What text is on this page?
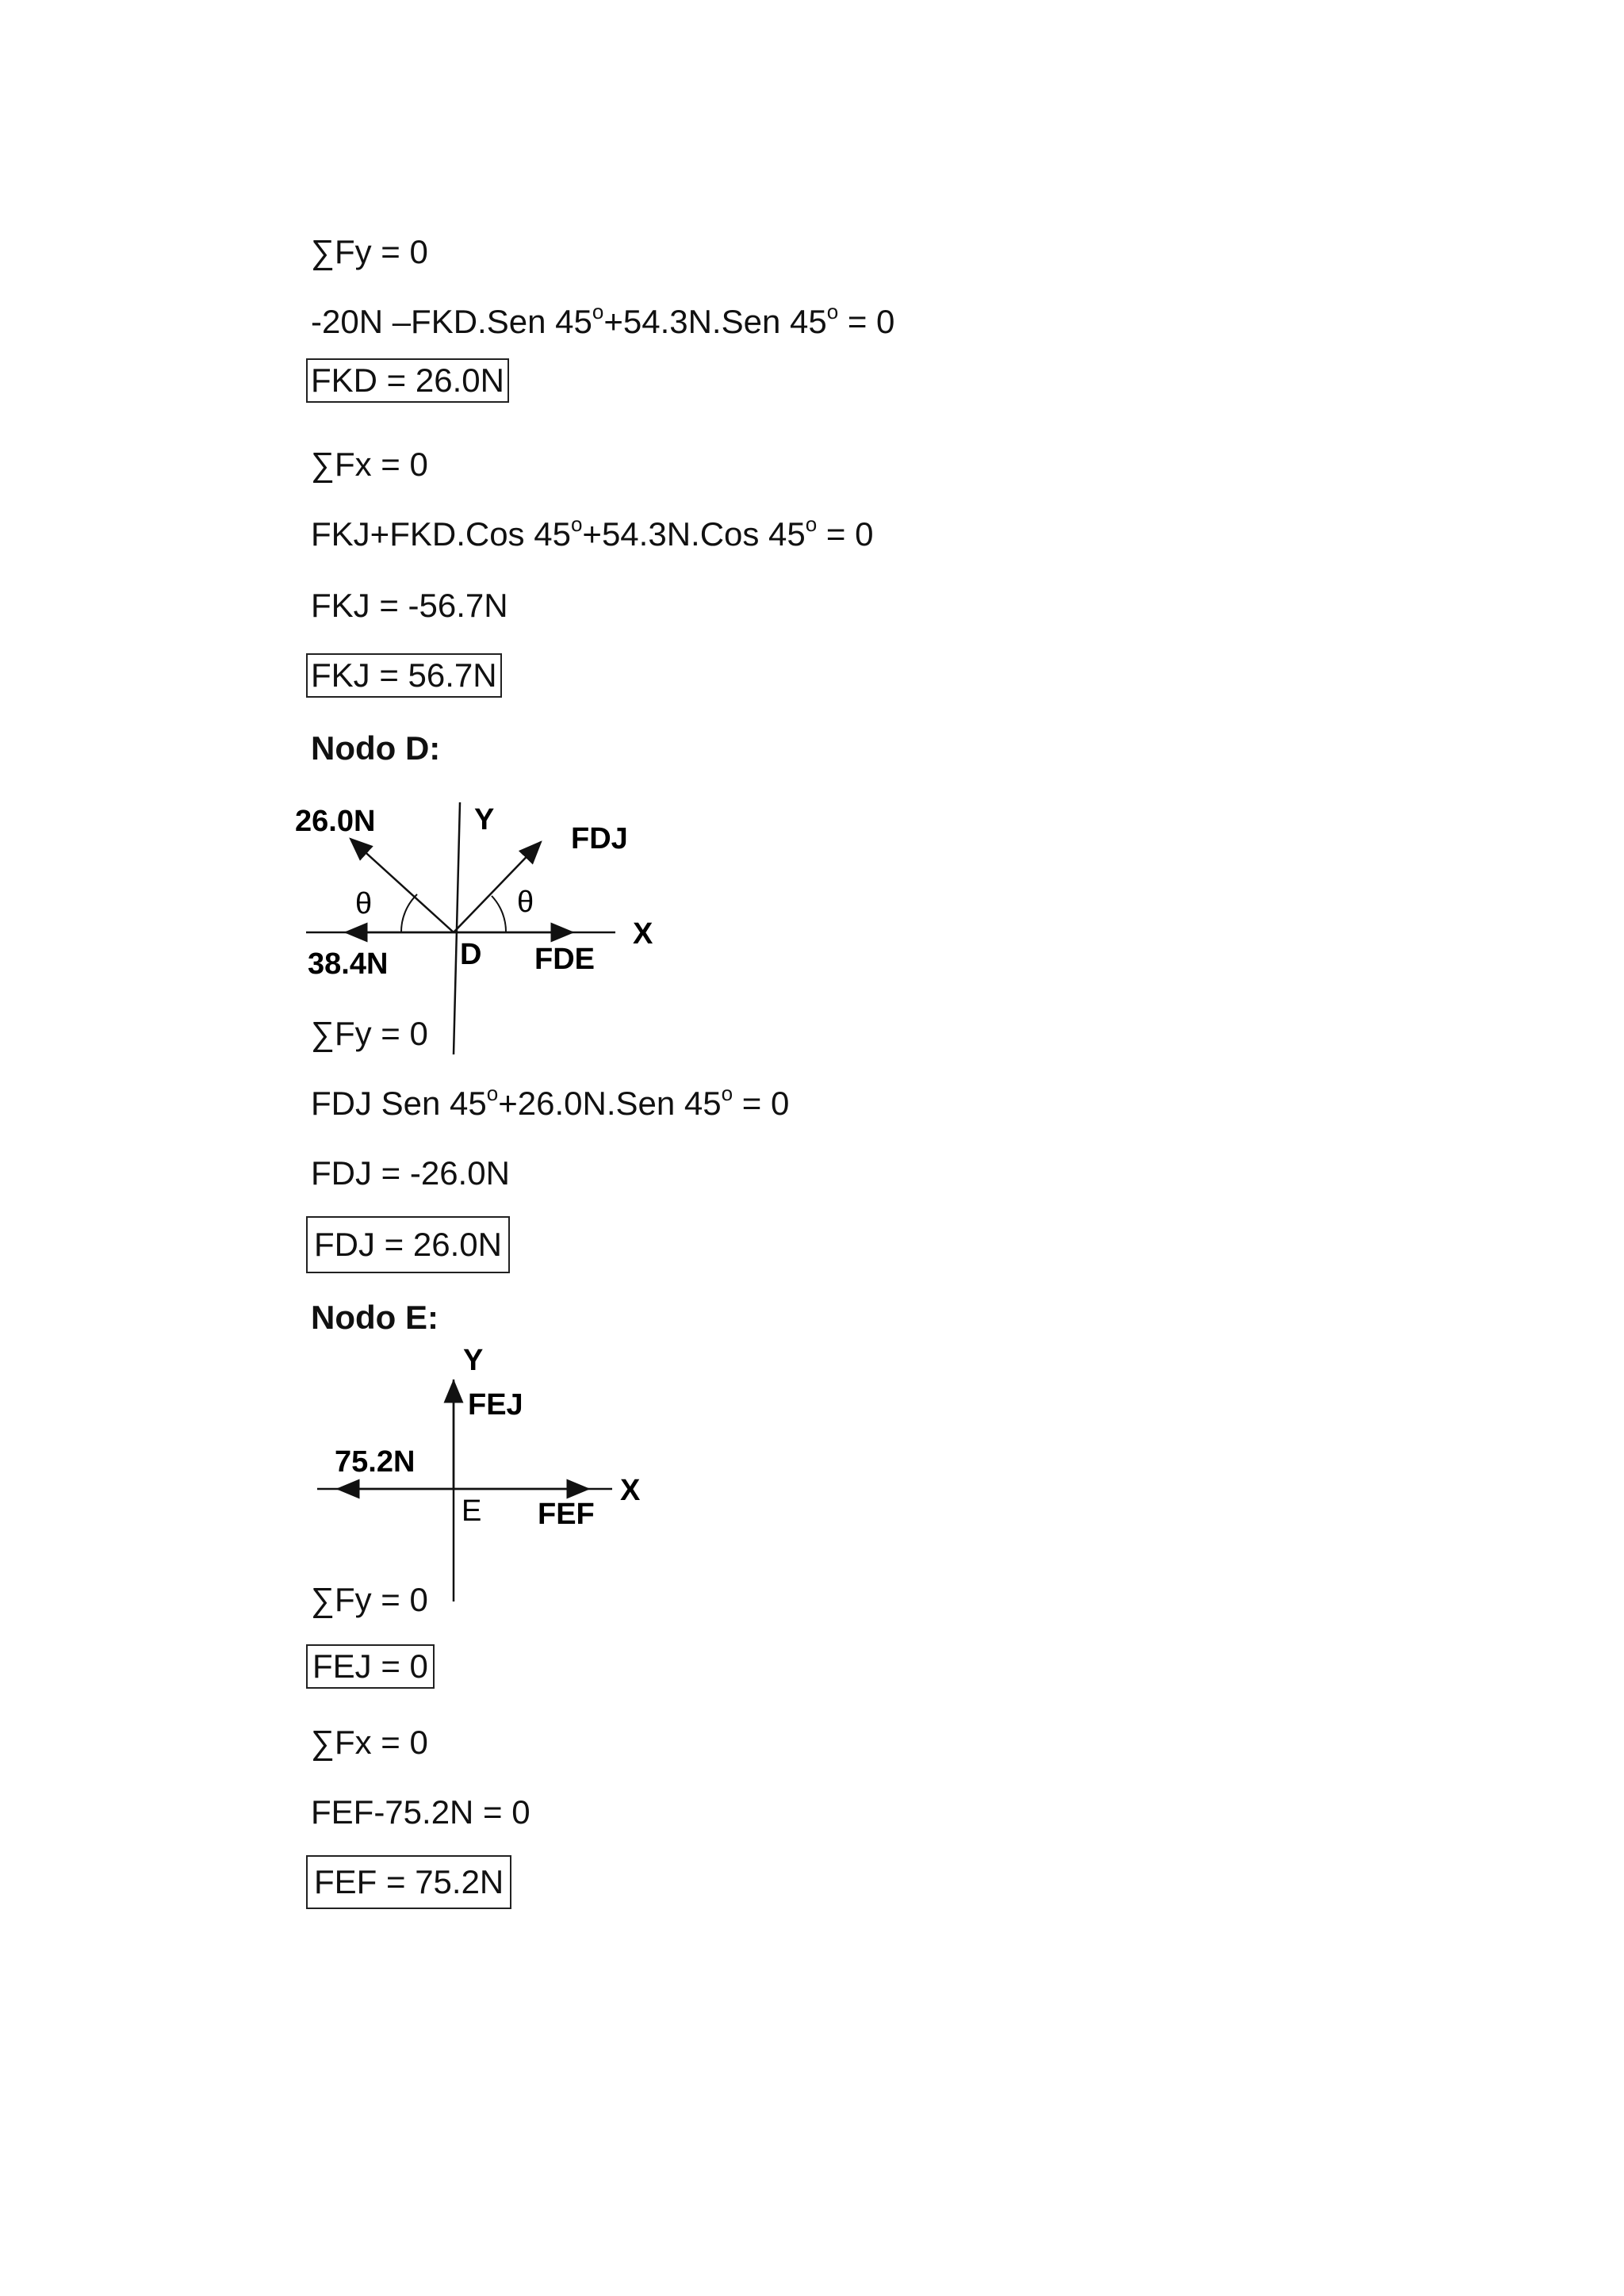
∑Fy = 0
-20N –FKD.Sen $45^o+54.3N.Sen$ $45^o = 0$
FKD = 26.0N
∑Fx = 0
FKJ+FKD.Cos $45^o+54.3N.Cos$ $45^o = 0$
FKJ = -56.7N
FKJ = 56.7N
Nodo D:
26.0N	Y
FDJ
θ	θ
X
38.4N D FDE
∑Fy = 0
FDJ Sen $45^o+26.0N.Sen$ $45^o = 0$
FDJ = -26.0N
FDJ = 26.0N
Nodo E:
Y
FEJ
75.2N
X
E FEF
∑Fy = 0
FEJ = 0
∑Fx = 0
FEF-75.2N = 0
FEF = 75.2N
